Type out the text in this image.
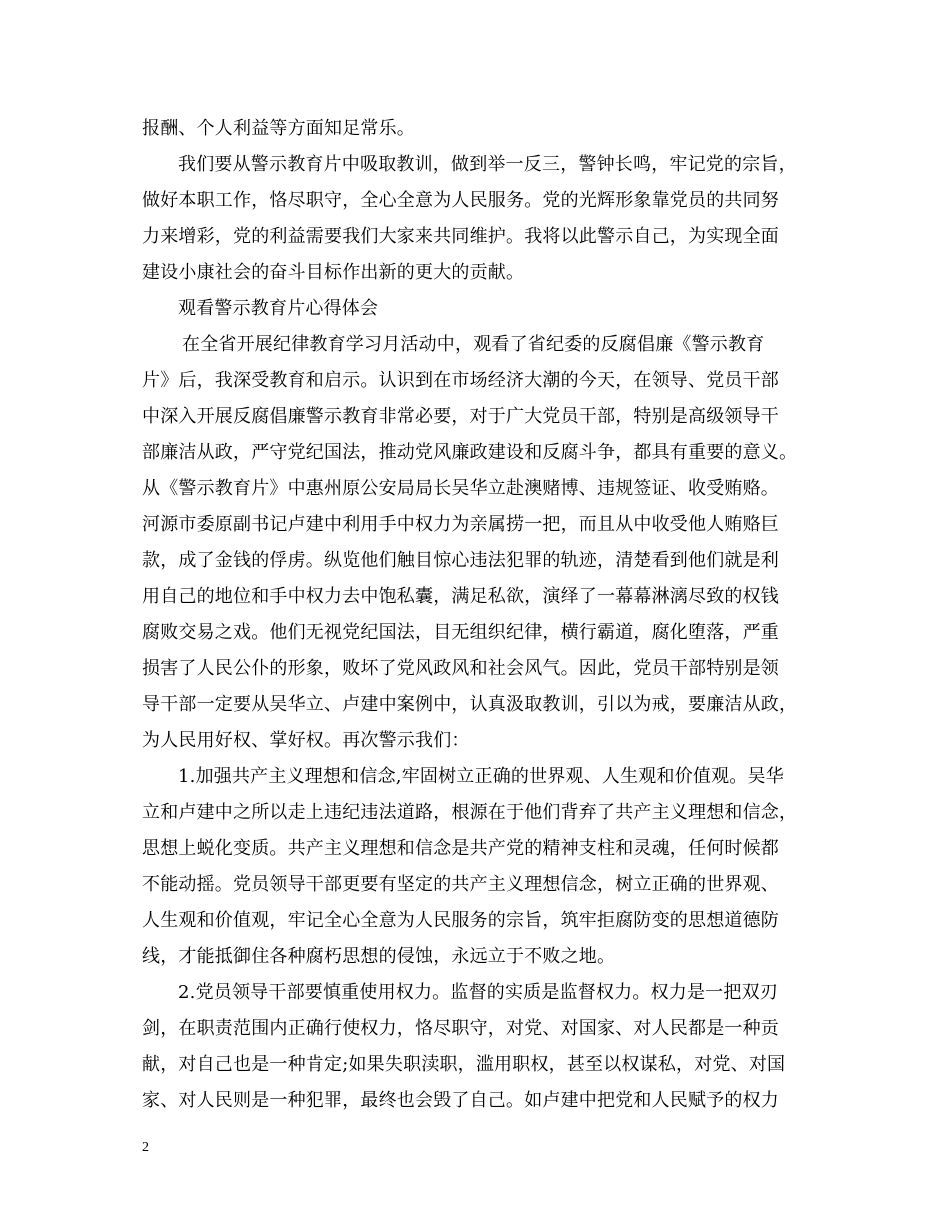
报酬、个人利益等方面知足常乐。
我们要从警示教育片中吸取教训，做到举一反三，警钟长鸣，牢记党的宗旨，
做好本职工作，恪尽职守，全心全意为人民服务。党的光辉形象靠党员的共同努
力来增彩，党的利益需要我们大家来共同维护。我将以此警示自己，为实现全面
建设小康社会的奋斗目标作出新的更大的贡献。
观看警示教育片心得体会
在全省开展纪律教育学习月活动中，观看了省纪委的反腐倡廉《警示教育
片》后，我深受教育和启示。认识到在市场经济大潮的今天，在领导、党员干部
中深入开展反腐倡廉警示教育非常必要，对于广大党员干部，特别是高级领导干
部廉洁从政，严守党纪国法，推动党风廉政建设和反腐斗争，都具有重要的意义。
从《警示教育片》中惠州原公安局局长吴华立赴澳赌博、违规签证、收受贿赂。
河源市委原副书记卢建中利用手中权力为亲属捞一把，而且从中收受他人贿赂巨
款，成了金钱的俘虏。纵览他们触目惊心违法犯罪的轨迹，清楚看到他们就是利
用自己的地位和手中权力去中饱私囊，满足私欲，演绎了一幕幕淋漓尽致的权钱
腐败交易之戏。他们无视党纪国法，目无组织纪律，横行霸道，腐化堕落，严重
损害了人民公仆的形象，败坏了党风政风和社会风气。因此，党员干部特别是领
导干部一定要从吴华立、卢建中案例中，认真汲取教训，引以为戒，要廉洁从政，
为人民用好权、掌好权。再次警示我们：
1.加强共产主义理想和信念,牢固树立正确的世界观、人生观和价值观。吴华
立和卢建中之所以走上违纪违法道路，根源在于他们背弃了共产主义理想和信念，
思想上蜕化变质。共产主义理想和信念是共产党的精神支柱和灵魂，任何时候都
不能动摇。党员领导干部更要有坚定的共产主义理想信念，树立正确的世界观、
人生观和价值观，牢记全心全意为人民服务的宗旨，筑牢拒腐防变的思想道德防
线，才能抵御住各种腐朽思想的侵蚀，永远立于不败之地。
2.党员领导干部要慎重使用权力。监督的实质是监督权力。权力是一把双刃
剑，在职责范围内正确行使权力，恪尽职守，对党、对国家、对人民都是一种贡
献，对自己也是一种肯定;如果失职渎职，滥用职权，甚至以权谋私，对党、对国
家、对人民则是一种犯罪，最终也会毁了自己。如卢建中把党和人民赋予的权力
2
